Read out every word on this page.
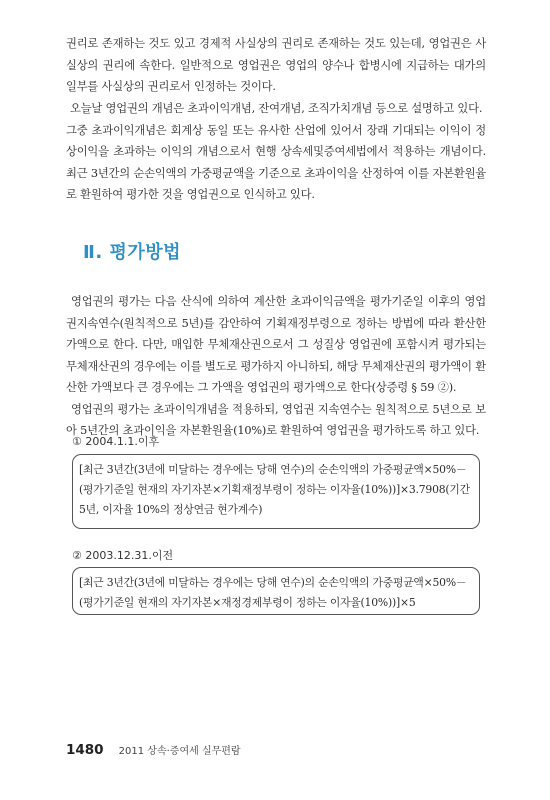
권리로 존재하는 것도 있고 경제적 사실상의 권리로 존재하는 것도 있는데, 영업권은 사실상의 권리에 속한다. 일반적으로 영업권은 영업의 양수나 합병시에 지급하는 대가의 일부를 사실상의 권리로서 인정하는 것이다.

오늘날 영업권의 개념은 초과이익개념, 잔여개념, 조직가치개념 등으로 설명하고 있다.

그중 초과이익개념은 회계상 동일 또는 유사한 산업에 있어서 장래 기대되는 이익이 정상이익을 초과하는 이익의 개념으로서 현행 상속세및증여세법에서 적용하는 개념이다. 최근 3년간의 순손익액의 가중평균액을 기준으로 초과이익을 산정하여 이를 자본환원율로 환원하여 평가한 것을 영업권으로 인식하고 있다.

Ⅱ. 평가방법

영업권의 평가는 다음 산식에 의하여 계산한 초과이익금액을 평가기준일 이후의 영업권지속연수(원칙적으로 5년)를 감안하여 기획재정부령으로 정하는 방법에 따라 환산한 가액으로 한다. 다만, 매입한 무체재산권으로서 그 성질상 영업권에 포함시켜 평가되는 무체재산권의 경우에는 이를 별도로 평가하지 아니하되, 해당 무체재산권의 평가액이 환산한 가액보다 큰 경우에는 그 가액을 영업권의 평가액으로 한다(상증령 § 59 ②).

영업권의 평가는 초과이익개념을 적용하되, 영업권 지속연수는 원칙적으로 5년으로 보아 5년간의 초과이익을 자본환원율(10%)로 환원하여 영업권을 평가하도록 하고 있다.

① 2004.1.1.이후
[최근 3년간(3년에 미달하는 경우에는 당해 연수)의 순손익액의 가중평균액×50%－(평가기준일 현재의 자기자본×기획재정부령이 정하는 이자율(10%))]×3.7908(기간 5년, 이자율 10%의 정상연금 현가계수)
② 2003.12.31.이전
[최근 3년간(3년에 미달하는 경우에는 당해 연수)의 순손익액의 가중평균액×50%－(평가기준일 현재의 자기자본×재정경제부령이 정하는 이자율(10%))]×5
1480 2011 상속·증여세 실무편람
